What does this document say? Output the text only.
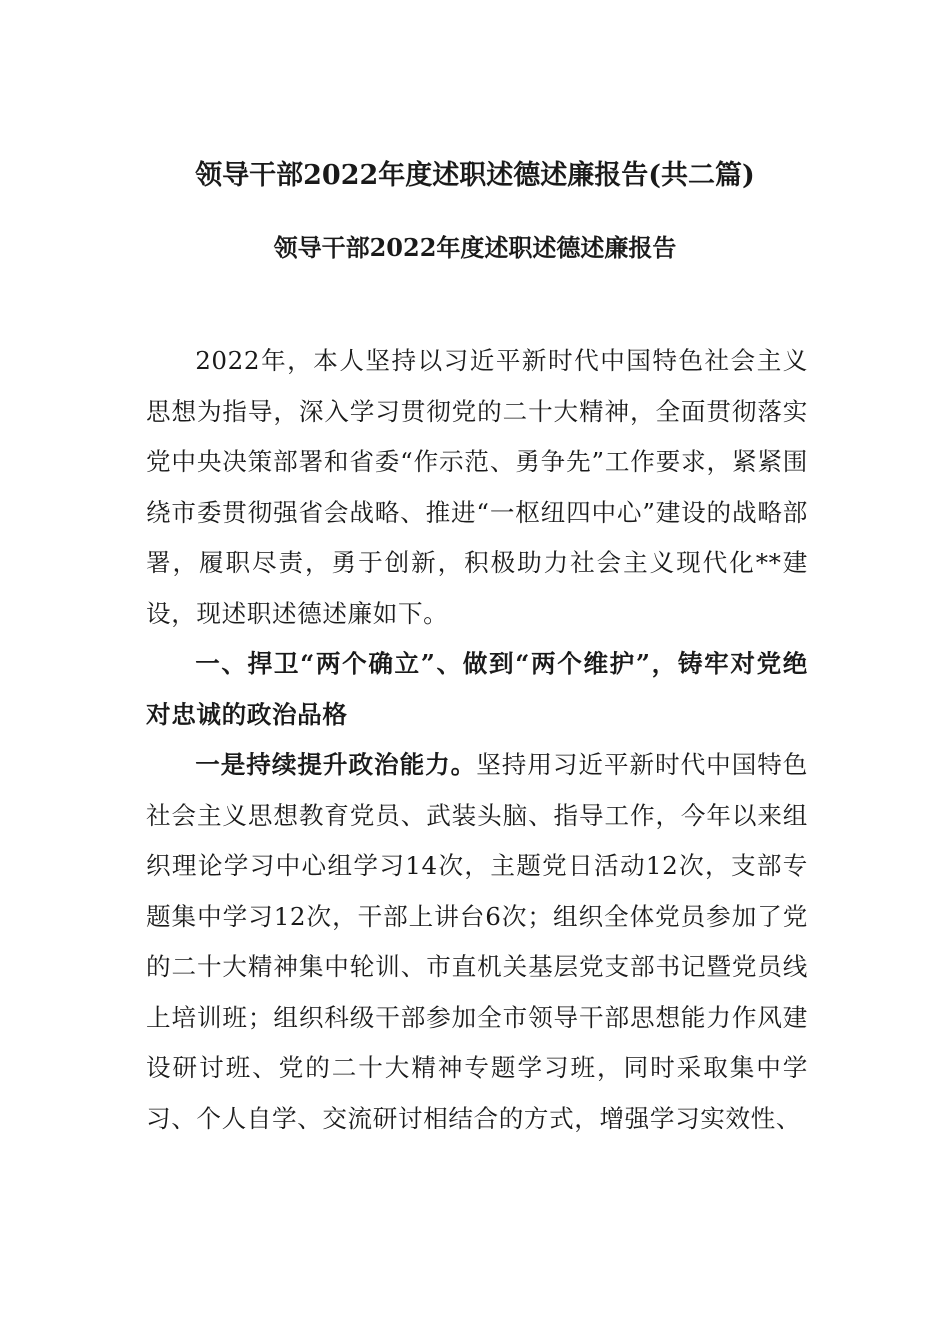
领导干部2022年度述职述德述廉报告(共二篇)
领导干部2022年度述职述德述廉报告

2022年，本人坚持以习近平新时代中国特色社会主义思想为指导，深入学习贯彻党的二十大精神，全面贯彻落实党中央决策部署和省委“作示范、勇争先”工作要求，紧紧围绕市委贯彻强省会战略、推进“一枢纽四中心”建设的战略部署，履职尽责，勇于创新，积极助力社会主义现代化**建设，现述职述德述廉如下。

一、捍卫“两个确立”、做到“两个维护”，铸牢对党绝对忠诚的政治品格

一是持续提升政治能力。坚持用习近平新时代中国特色社会主义思想教育党员、武装头脑、指导工作，今年以来组织理论学习中心组学习14次，主题党日活动12次，支部专题集中学习12次，干部上讲台6次；组织全体党员参加了党的二十大精神集中轮训、市直机关基层党支部书记暨党员线上培训班；组织科级干部参加全市领导干部思想能力作风建设研讨班、党的二十大精神专题学习班，同时采取集中学习、个人自学、交流研讨相结合的方式，增强学习实效性、
